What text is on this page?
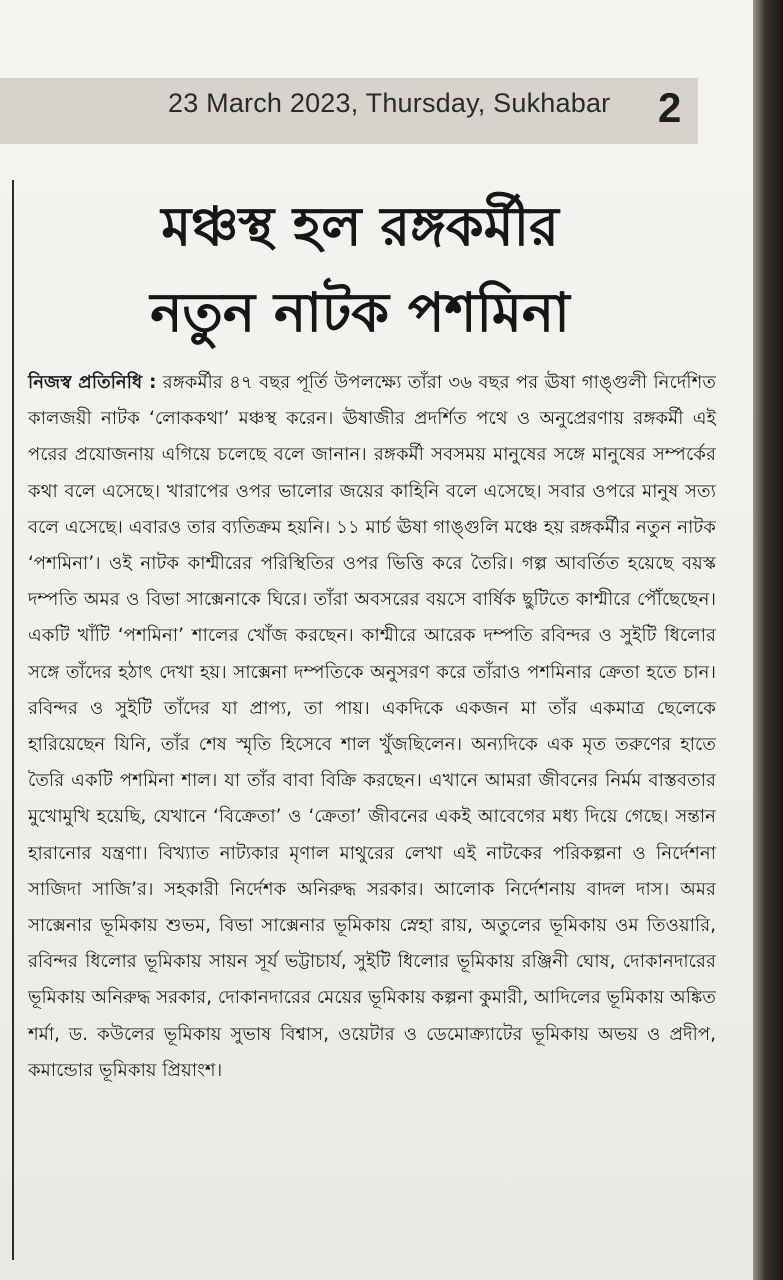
23 March 2023, Thursday, Sukhabar 2
মঞ্চস্থ হল রঙ্গকর্মীর
নতুন নাটক পশমিনা

নিজস্ব প্রতিনিধি : রঙ্গকর্মীর ৪৭ বছর পূর্তি উপলক্ষ্যে তাঁরা ৩৬ বছর পর ঊষা গাঙ্গুলী নির্দেশিত কালজয়ী নাটক ‘লোককথা’ মঞ্চস্থ করেন। ঊষাজীর প্রদর্শিত পথে ও অনুপ্রেরণায় রঙ্গকর্মী এই পরের প্রযোজনায় এগিয়ে চলেছে বলে জানান। রঙ্গকর্মী সবসময় মানুষের সঙ্গে মানুষের সম্পর্কের কথা বলে এসেছে। খারাপের ওপর ভালোর জয়ের কাহিনি বলে এসেছে। সবার ওপরে মানুষ সত্য বলে এসেছে। এবারও তার ব্যতিক্রম হয়নি। ১১ মার্চ ঊষা গাঙ্গুলি মঞ্চে হয় রঙ্গকর্মীর নতুন নাটক ‘পশমিনা’। ওই নাটক কাশ্মীরের পরিস্থিতির ওপর ভিত্তি করে তৈরি। গল্প আবর্তিত হয়েছে বয়স্ক দম্পতি অমর ও বিভা সাক্সেনাকে ঘিরে। তাঁরা অবসরের বয়সে বার্ষিক ছুটিতে কাশ্মীরে পৌঁছেছেন। একটি খাঁটি ‘পশমিনা’ শালের খোঁজ করছেন। কাশ্মীরে আরেক দম্পতি রবিন্দর ও সুইটি ধিলোর সঙ্গে তাঁদের হঠাৎ দেখা হয়। সাক্সেনা দম্পতিকে অনুসরণ করে তাঁরাও পশমিনার ক্রেতা হতে চান। রবিন্দর ও সুইটি তাঁদের যা প্রাপ্য, তা পায়। একদিকে একজন মা তাঁর একমাত্র ছেলেকে হারিয়েছেন যিনি, তাঁর শেষ স্মৃতি হিসেবে শাল খুঁজছিলেন। অন্যদিকে এক মৃত তরুণের হাতে তৈরি একটি পশমিনা শাল। যা তাঁর বাবা বিক্রি করছেন। এখানে আমরা জীবনের নির্মম বাস্তবতার মুখোমুখি হয়েছি, যেখানে ‘বিক্রেতা’ ও ‘ক্রেতা’ জীবনের একই আবেগের মধ্য দিয়ে গেছে। সন্তান হারানোর যন্ত্রণা। বিখ্যাত নাট্যকার মৃণাল মাথুরের লেখা এই নাটকের পরিকল্পনা ও নির্দেশনা সাজিদা সাজি’র। সহকারী নির্দেশক অনিরুদ্ধ সরকার। আলোক নির্দেশনায় বাদল দাস। অমর সাক্সেনার ভূমিকায় শুভম, বিভা সাক্সেনার ভূমিকায় স্নেহা রায়, অতুলের ভূমিকায় ওম তিওয়ারি, রবিন্দর ধিলোর ভূমিকায় সায়ন সূর্য ভট্টাচার্য, সুইটি ধিলোর ভূমিকায় রঞ্জিনী ঘোষ, দোকানদারের ভূমিকায় অনিরুদ্ধ সরকার, দোকানদারের মেয়ের ভূমিকায় কল্পনা কুমারী, আদিলের ভূমিকায় অঙ্কিত শর্মা, ড. কউলের ভূমিকায় সুভাষ বিশ্বাস, ওয়েটার ও ডেমোক্র্যাটের ভূমিকায় অভয় ও প্রদীপ, কমান্ডোর ভূমিকায় প্রিয়াংশ।
